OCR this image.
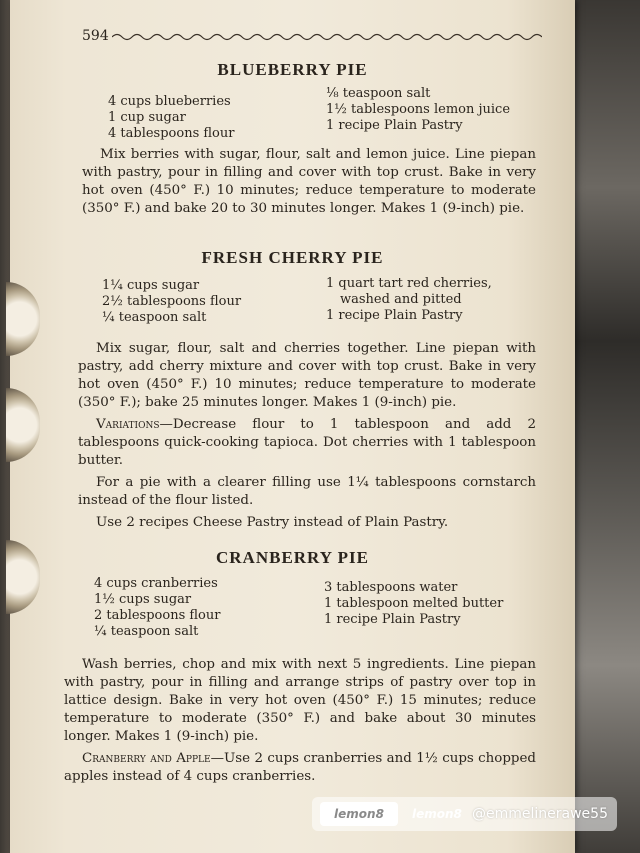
594
BLUEBERRY PIE
4 cups blueberries
1 cup sugar
4 tablespoons flour
⅛ teaspoon salt
1½ tablespoons lemon juice
1 recipe Plain Pastry

Mix berries with sugar, flour, salt and lemon juice. Line piepan with pastry, pour in filling and cover with top crust. Bake in very hot oven (450° F.) 10 minutes; reduce temperature to moderate (350° F.) and bake 20 to 30 minutes longer. Makes 1 (9-inch) pie.

FRESH CHERRY PIE
1¼ cups sugar
2½ tablespoons flour
¼ teaspoon salt
1 quart tart red cherries,
washed and pitted
1 recipe Plain Pastry

Mix sugar, flour, salt and cherries together. Line piepan with pastry, add cherry mixture and cover with top crust. Bake in very hot oven (450° F.) 10 minutes; reduce temperature to moderate (350° F.); bake 25 minutes longer. Makes 1 (9-inch) pie.

Variations—Decrease flour to 1 tablespoon and add 2 tablespoons quick-cooking tapioca. Dot cherries with 1 tablespoon butter.

For a pie with a clearer filling use 1¼ tablespoons cornstarch instead of the flour listed.

Use 2 recipes Cheese Pastry instead of Plain Pastry.

CRANBERRY PIE
4 cups cranberries
1½ cups sugar
2 tablespoons flour
¼ teaspoon salt
3 tablespoons water
1 tablespoon melted butter
1 recipe Plain Pastry

Wash berries, chop and mix with next 5 ingredients. Line piepan with pastry, pour in filling and arrange strips of pastry over top in lattice design. Bake in very hot oven (450° F.) 15 minutes; reduce temperature to moderate (350° F.) and bake about 30 minutes longer. Makes 1 (9-inch) pie.

Cranberry and Apple—Use 2 cups cranberries and 1½ cups chopped apples instead of 4 cups cranberries.

lemon8	lemon8 @emmelinerawe55
